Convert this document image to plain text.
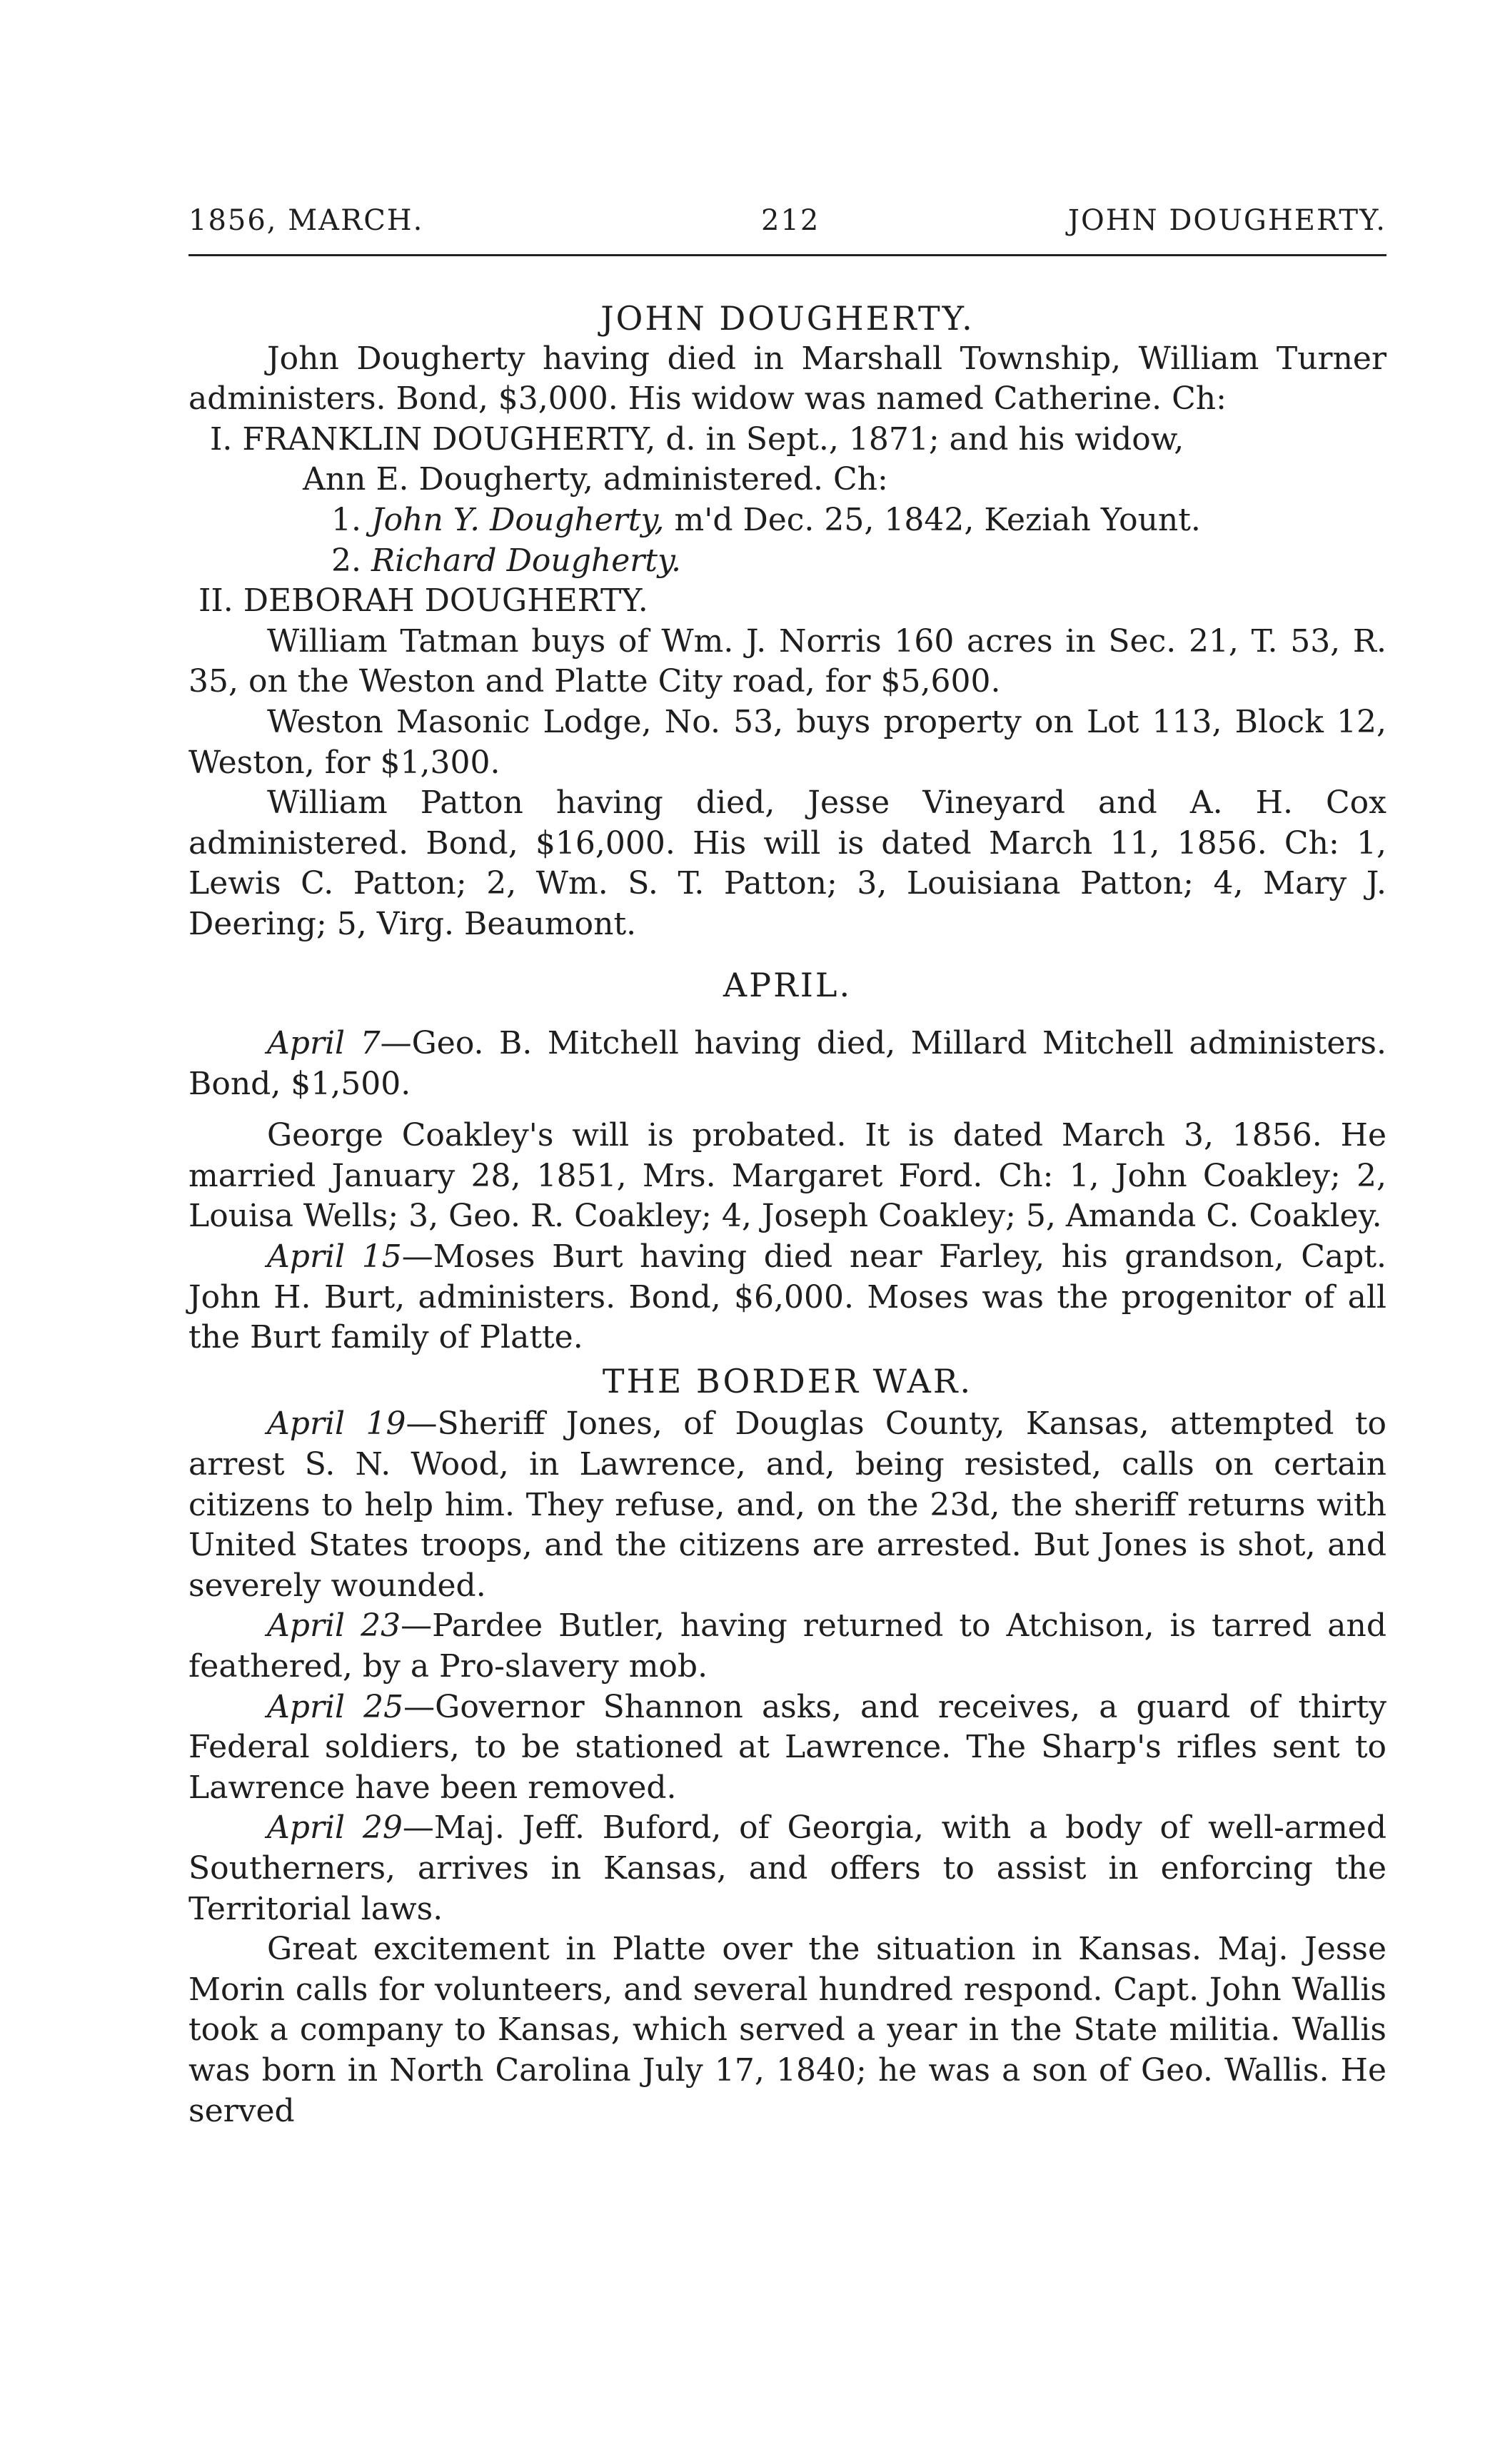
1856, MARCH.	212	JOHN DOUGHERTY.
JOHN DOUGHERTY.

John Dougherty having died in Marshall Township, William Turner administers. Bond, $3,000. His widow was named Catherine. Ch:

I. FRANKLIN DOUGHERTY, d. in Sept., 1871; and his widow,

Ann E. Dougherty, administered. Ch:

1. John Y. Dougherty, m'd Dec. 25, 1842, Keziah Yount.

2. Richard Dougherty.

II. DEBORAH DOUGHERTY.

William Tatman buys of Wm. J. Norris 160 acres in Sec. 21, T. 53, R. 35, on the Weston and Platte City road, for $5,600.

Weston Masonic Lodge, No. 53, buys property on Lot 113, Block 12, Weston, for $1,300.

William Patton having died, Jesse Vineyard and A. H. Cox administered. Bond, $16,000. His will is dated March 11, 1856. Ch: 1, Lewis C. Patton; 2, Wm. S. T. Patton; 3, Louisiana Patton; 4, Mary J. Deering; 5, Virg. Beaumont.

APRIL.

April 7—Geo. B. Mitchell having died, Millard Mitchell administers. Bond, $1,500.

George Coakley's will is probated. It is dated March 3, 1856. He married January 28, 1851, Mrs. Margaret Ford. Ch: 1, John Coakley; 2, Louisa Wells; 3, Geo. R. Coakley; 4, Joseph Coakley; 5, Amanda C. Coakley.

April 15—Moses Burt having died near Farley, his grandson, Capt. John H. Burt, administers. Bond, $6,000. Moses was the progenitor of all the Burt family of Platte.

THE BORDER WAR.

April 19—Sheriff Jones, of Douglas County, Kansas, attempted to arrest S. N. Wood, in Lawrence, and, being resisted, calls on certain citizens to help him. They refuse, and, on the 23d, the sheriff returns with United States troops, and the citizens are arrested. But Jones is shot, and severely wounded.

April 23—Pardee Butler, having returned to Atchison, is tarred and feathered, by a Pro-slavery mob.

April 25—Governor Shannon asks, and receives, a guard of thirty Federal soldiers, to be stationed at Lawrence. The Sharp's rifles sent to Lawrence have been removed.

April 29—Maj. Jeff. Buford, of Georgia, with a body of well-armed Southerners, arrives in Kansas, and offers to assist in enforcing the Territorial laws.

Great excitement in Platte over the situation in Kansas. Maj. Jesse Morin calls for volunteers, and several hundred respond. Capt. John Wallis took a company to Kansas, which served a year in the State militia. Wallis was born in North Carolina July 17, 1840; he was a son of Geo. Wallis. He served
